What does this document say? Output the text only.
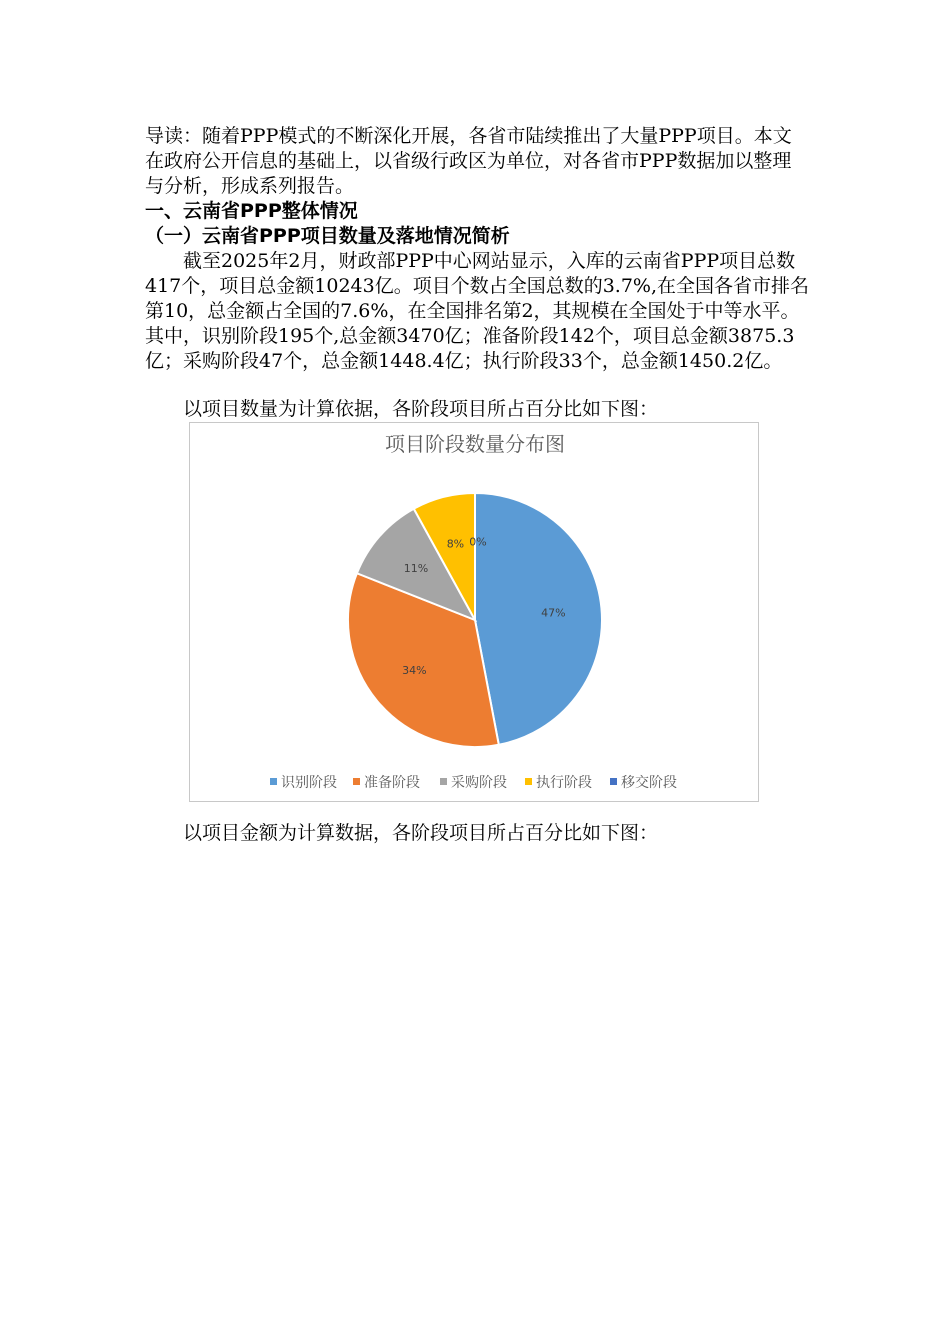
导读：随着PPP模式的不断深化开展，各省市陆续推出了大量PPP项目。本文在政府公开信息的基础上，以省级行政区为单位，对各省市PPP数据加以整理与分析，形成系列报告。

一、云南省PPP整体情况
（一）云南省PPP项目数量及落地情况简析

截至2025年2月，财政部PPP中心网站显示，入库的云南省PPP项目总数417个，项目总金额10243亿。项目个数占全国总数的3.7%,在全国各省市排名第10，总金额占全国的7.6%，在全国排名第2，其规模在全国处于中等水平。其中，识别阶段195个,总金额3470亿；准备阶段142个，项目总金额3875.3亿；采购阶段47个，总金额1448.4亿；执行阶段33个，总金额1450.2亿。

以项目数量为计算依据，各阶段项目所占百分比如下图：

项目阶段数量分布图
47%
34%
11%
8% 0%
识别阶段 准备阶段 采购阶段 执行阶段 移交阶段

以项目金额为计算数据，各阶段项目所占百分比如下图：
